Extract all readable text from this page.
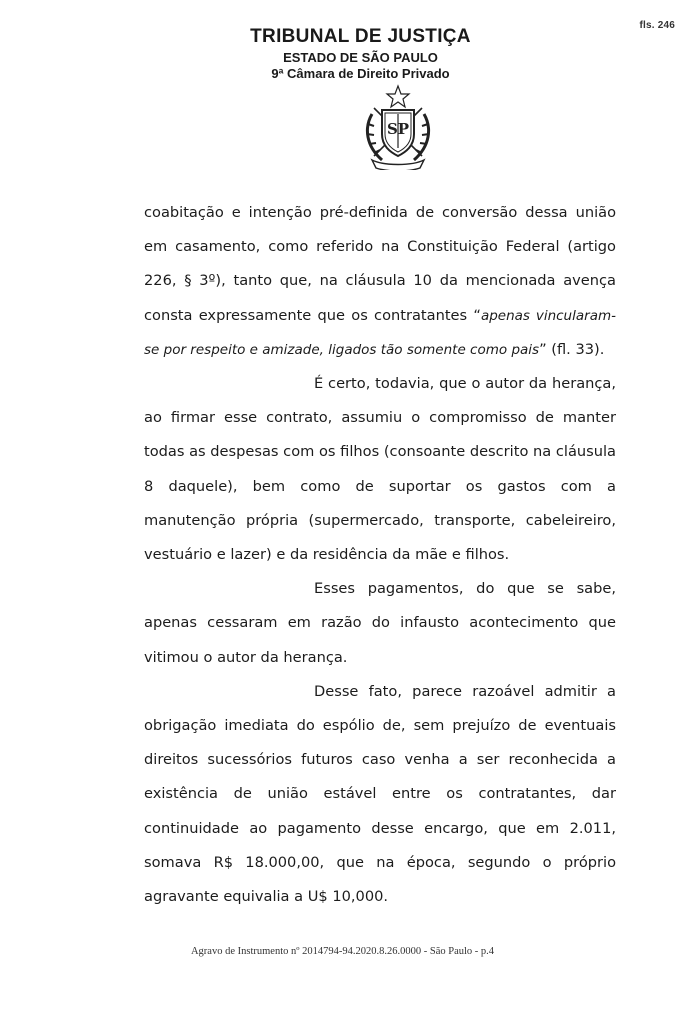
fls. 246
TRIBUNAL DE JUSTIÇA
ESTADO DE SÃO PAULO
9ª Câmara de Direito Privado
SP

coabitação e intenção pré-definida de conversão dessa união em casamento, como referido na Constituição Federal (artigo 226, § 3º), tanto que, na cláusula 10 da mencionada avença consta expressamente que os contratantes “apenas vincularam-se por respeito e amizade, ligados tão somente como pais” (fl. 33).

É certo, todavia, que o autor da herança, ao firmar esse contrato, assumiu o compromisso de manter todas as despesas com os filhos (consoante descrito na cláusula 8 daquele), bem como de suportar os gastos com a manutenção própria (supermercado, transporte, cabeleireiro, vestuário e lazer) e da residência da mãe e filhos.

Esses pagamentos, do que se sabe, apenas cessaram em razão do infausto acontecimento que vitimou o autor da herança.

Desse fato, parece razoável admitir a obrigação imediata do espólio de, sem prejuízo de eventuais direitos sucessórios futuros caso venha a ser reconhecida a existência de união estável entre os contratantes, dar continuidade ao pagamento desse encargo, que em 2.011, somava R$ 18.000,00, que na época, segundo o próprio agravante equivalia a U$ 10,000.

Agravo de Instrumento nº 2014794-94.2020.8.26.0000 - São Paulo - p.4
